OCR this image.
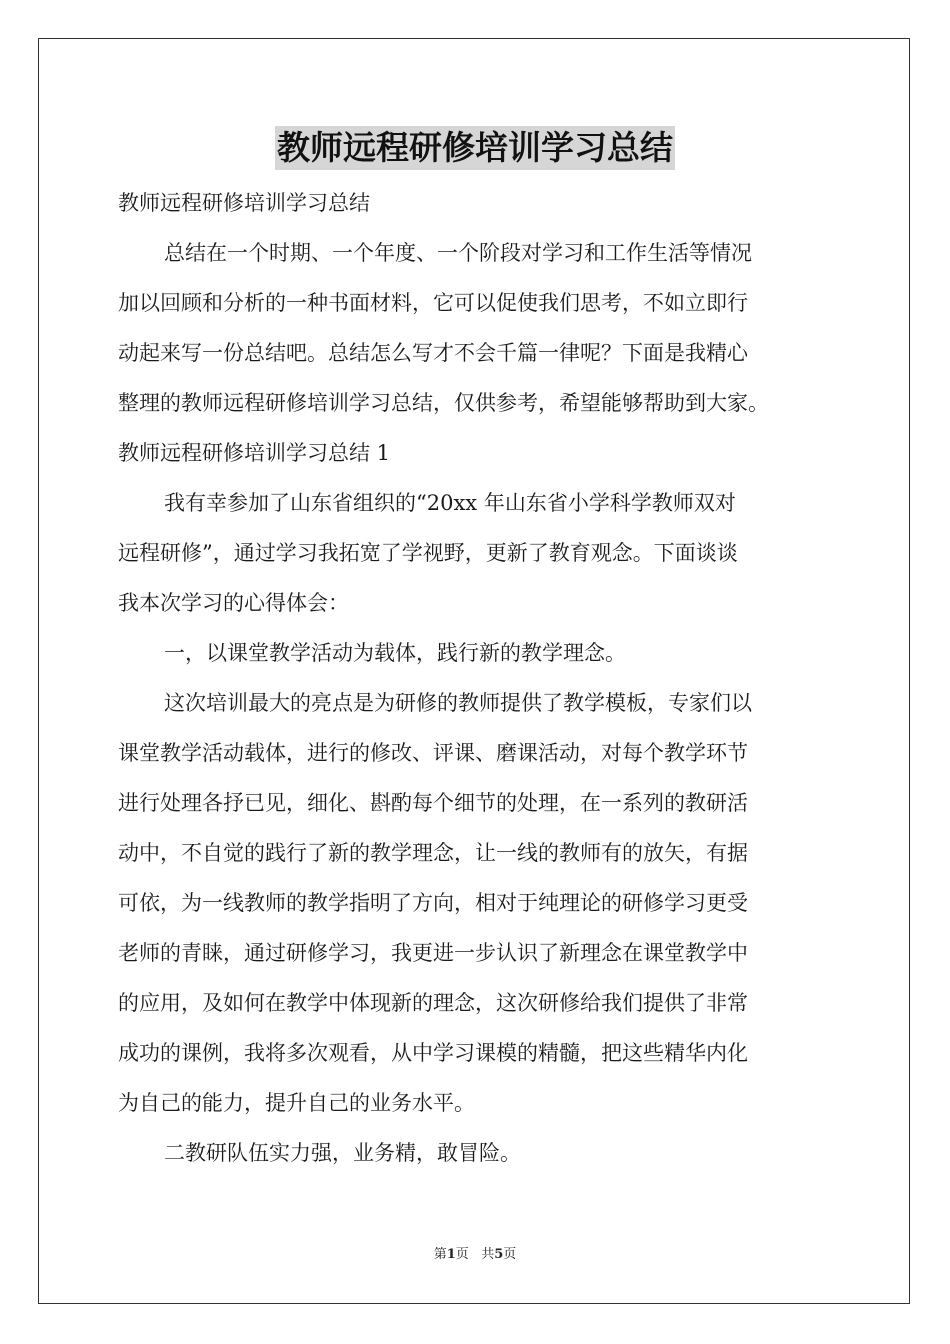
教师远程研修培训学习总结
教师远程研修培训学习总结
总结在一个时期、一个年度、一个阶段对学习和工作生活等情况
加以回顾和分析的一种书面材料，它可以促使我们思考，不如立即行
动起来写一份总结吧。总结怎么写才不会千篇一律呢？下面是我精心
整理的教师远程研修培训学习总结，仅供参考，希望能够帮助到大家。
教师远程研修培训学习总结 1
我有幸参加了山东省组织的“20xx 年山东省小学科学教师双对
远程研修”，通过学习我拓宽了学视野，更新了教育观念。下面谈谈
我本次学习的心得体会：
一，以课堂教学活动为载体，践行新的教学理念。
这次培训最大的亮点是为研修的教师提供了教学模板，专家们以
课堂教学活动载体，进行的修改、评课、磨课活动，对每个教学环节
进行处理各抒已见，细化、斟酌每个细节的处理，在一系列的教研活
动中，不自觉的践行了新的教学理念，让一线的教师有的放矢，有据
可依，为一线教师的教学指明了方向，相对于纯理论的研修学习更受
老师的青睐，通过研修学习，我更进一步认识了新理念在课堂教学中
的应用，及如何在教学中体现新的理念，这次研修给我们提供了非常
成功的课例，我将多次观看，从中学习课模的精髓，把这些精华内化
为自己的能力，提升自己的业务水平。
二教研队伍实力强，业务精，敢冒险。
第1页 共5页
